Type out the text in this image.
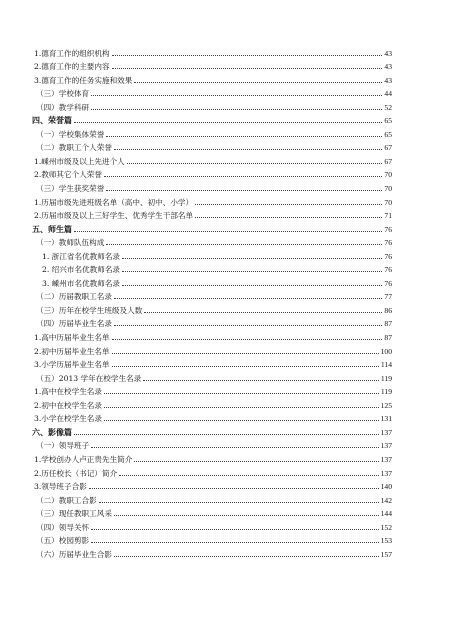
1.德育工作的组织机构	43
2.德育工作的主要内容	43
3.德育工作的任务实施和效果	43
（三）学校体育	44
（四）教学科研	52
四、荣誉篇	65
（一）学校集体荣誉	65
（二）教职工个人荣誉	67
1.嵊州市级及以上先进个人	67
2.教师其它个人荣誉	70
（三）学生获奖荣誉	70
1.历届市级先进班级名单（高中、初中、小学）	70
2.历届市级及以上三好学生、优秀学生干部名单	71
五、师生篇	76
（一）教师队伍构成	76
1. 浙江省名优教师名录	76
2. 绍兴市名优教师名录	76
3. 嵊州市名优教师名录	76
（二）历届教职工名录	77
（三）历年在校学生班级及人数	86
（四）历届毕业生名录	87
1.高中历届毕业生名单	87
2.初中历届毕业生名单	100
3.小学历届毕业生名单	114
（五）2013 学年在校学生名录	119
1.高中在校学生名录	119
2.初中在校学生名录	125
3.小学在校学生名录	131
六、影像篇	137
（一）领导班子	137
1.学校创办人卢正贵先生简介	137
2.历任校长（书记）简介	137
3.领导班子合影	140
（二）教职工合影	142
（三）现任教职工风采	144
（四）领导关怀	152
（五）校园剪影	153
（六）历届毕业生合影	157
